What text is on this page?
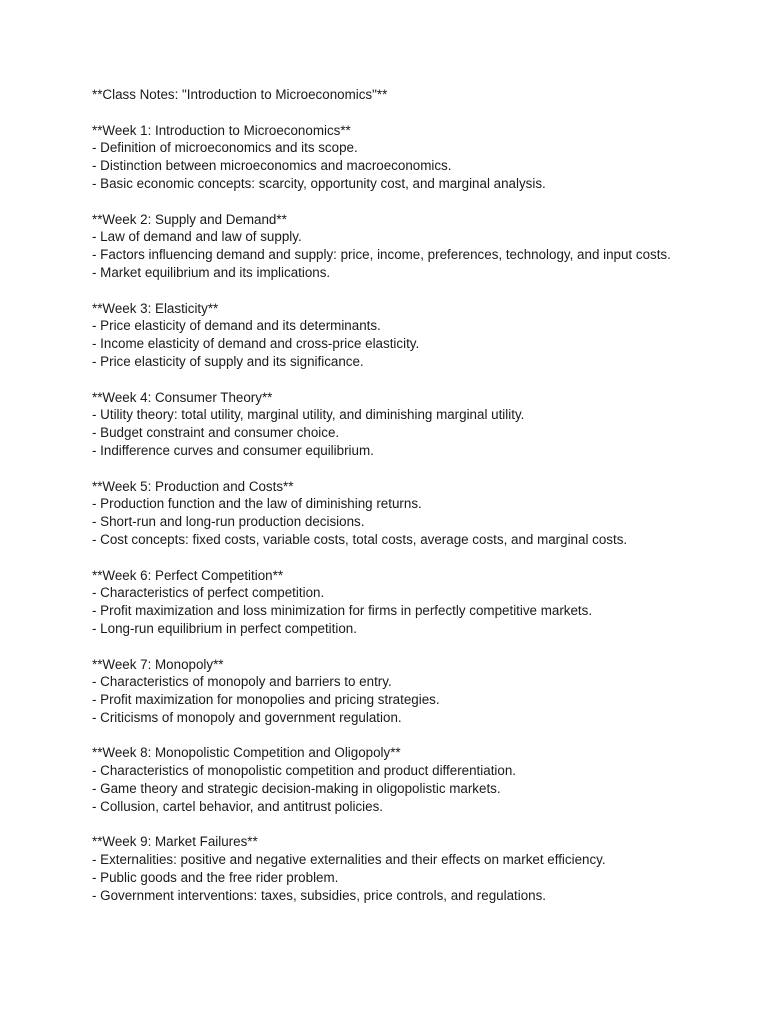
**Class Notes: "Introduction to Microeconomics"**

**Week 1: Introduction to Microeconomics**

- Definition of microeconomics and its scope.
- Distinction between microeconomics and macroeconomics.
- Basic economic concepts: scarcity, opportunity cost, and marginal analysis.

**Week 2: Supply and Demand**

- Law of demand and law of supply.
- Factors influencing demand and supply: price, income, preferences, technology, and input costs.
- Market equilibrium and its implications.

**Week 3: Elasticity**

- Price elasticity of demand and its determinants.
- Income elasticity of demand and cross-price elasticity.
- Price elasticity of supply and its significance.

**Week 4: Consumer Theory**

- Utility theory: total utility, marginal utility, and diminishing marginal utility.
- Budget constraint and consumer choice.
- Indifference curves and consumer equilibrium.

**Week 5: Production and Costs**

- Production function and the law of diminishing returns.
- Short-run and long-run production decisions.
- Cost concepts: fixed costs, variable costs, total costs, average costs, and marginal costs.

**Week 6: Perfect Competition**

- Characteristics of perfect competition.
- Profit maximization and loss minimization for firms in perfectly competitive markets.
- Long-run equilibrium in perfect competition.

**Week 7: Monopoly**

- Characteristics of monopoly and barriers to entry.
- Profit maximization for monopolies and pricing strategies.
- Criticisms of monopoly and government regulation.

**Week 8: Monopolistic Competition and Oligopoly**

- Characteristics of monopolistic competition and product differentiation.
- Game theory and strategic decision-making in oligopolistic markets.
- Collusion, cartel behavior, and antitrust policies.

**Week 9: Market Failures**

- Externalities: positive and negative externalities and their effects on market efficiency.
- Public goods and the free rider problem.
- Government interventions: taxes, subsidies, price controls, and regulations.
